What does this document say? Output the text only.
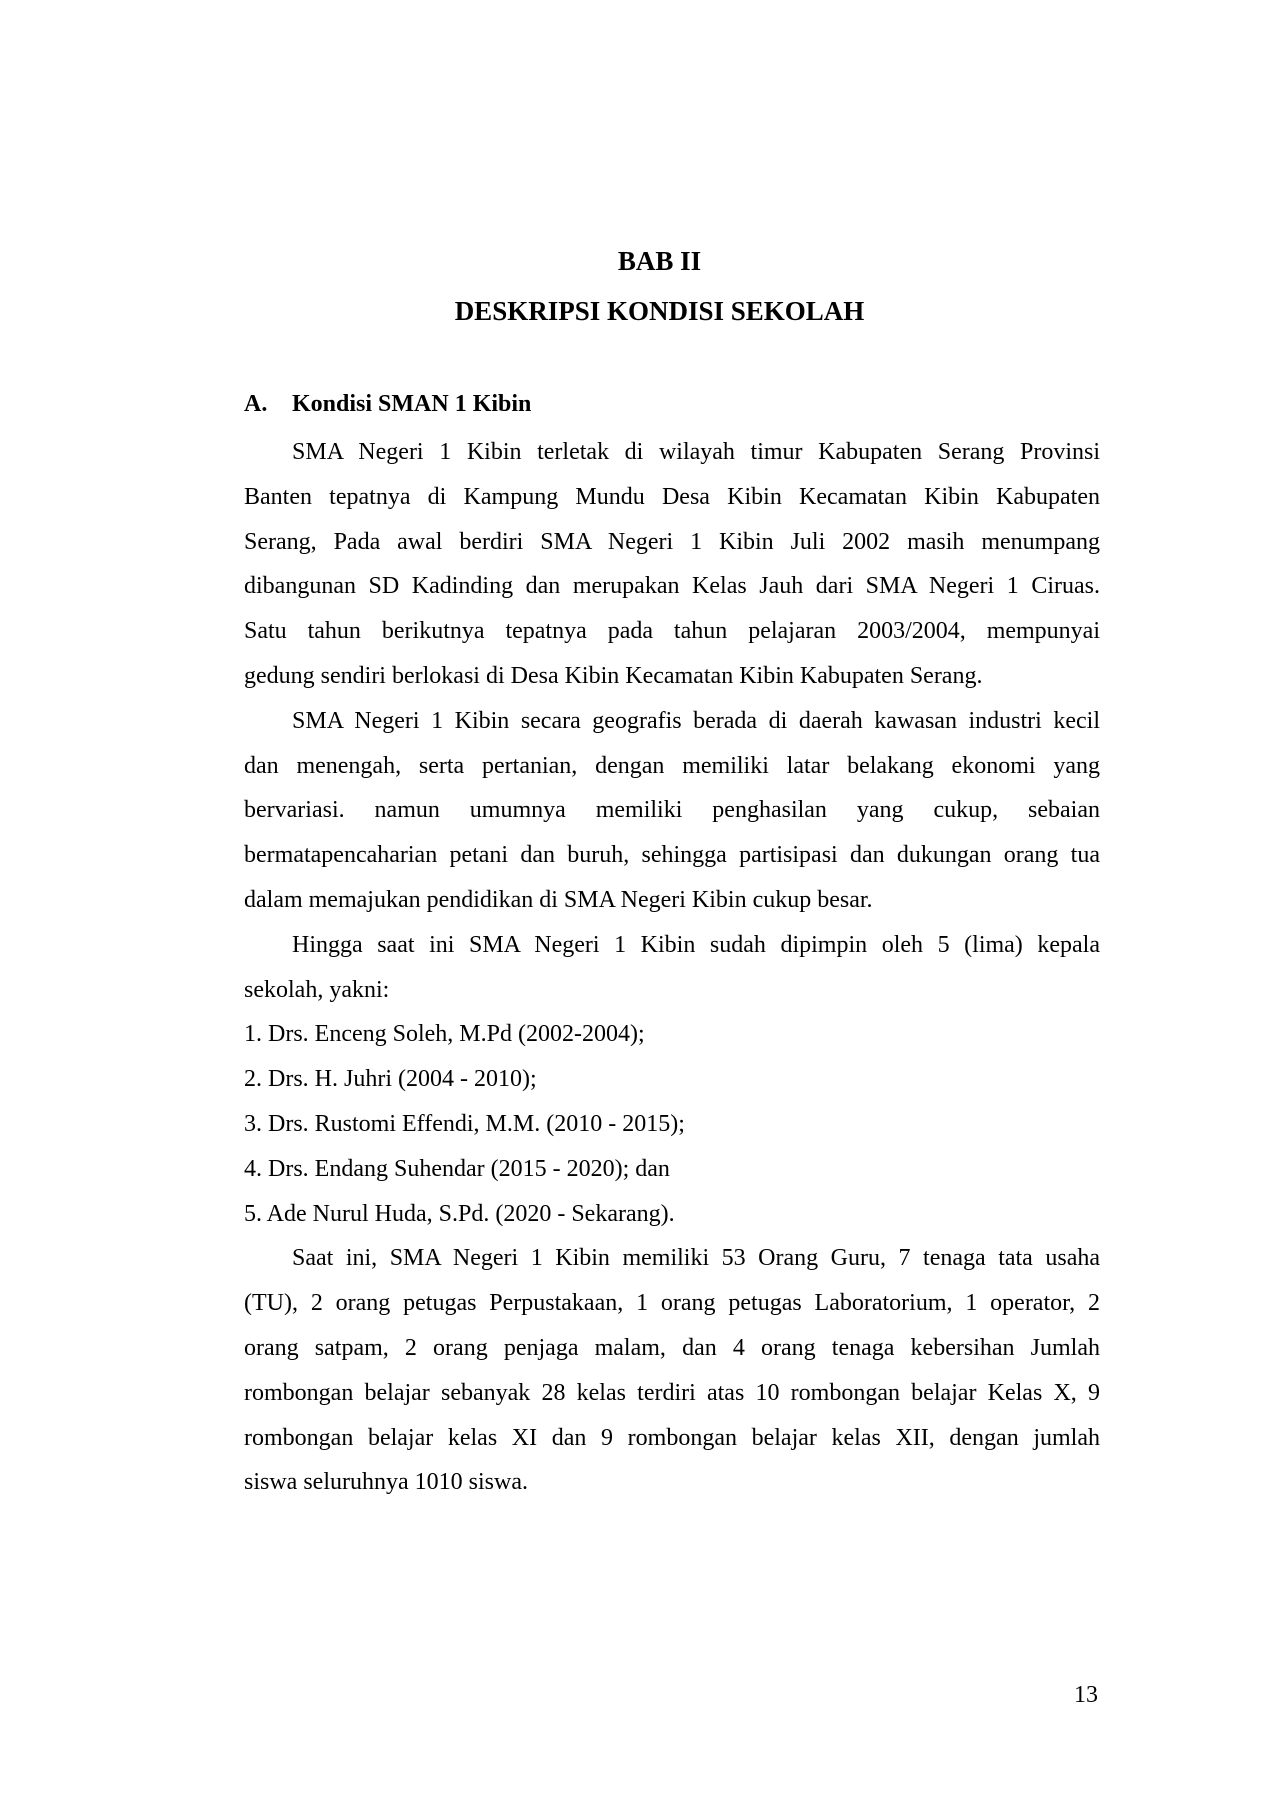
BAB II
DESKRIPSI KONDISI SEKOLAH
A. Kondisi SMAN 1 Kibin
SMA Negeri 1 Kibin terletak di wilayah timur Kabupaten Serang Provinsi
Banten tepatnya di Kampung Mundu Desa Kibin Kecamatan Kibin Kabupaten
Serang, Pada awal berdiri SMA Negeri 1 Kibin Juli 2002 masih menumpang
dibangunan SD Kadinding dan merupakan Kelas Jauh dari SMA Negeri 1 Ciruas.
Satu tahun berikutnya tepatnya pada tahun pelajaran 2003/2004, mempunyai
gedung sendiri berlokasi di Desa Kibin Kecamatan Kibin Kabupaten Serang.
SMA Negeri 1 Kibin secara geografis berada di daerah kawasan industri kecil
dan menengah, serta pertanian, dengan memiliki latar belakang ekonomi yang
bervariasi. namun umumnya memiliki penghasilan yang cukup, sebaian
bermatapencaharian petani dan buruh, sehingga partisipasi dan dukungan orang tua
dalam memajukan pendidikan di SMA Negeri Kibin cukup besar.
Hingga saat ini SMA Negeri 1 Kibin sudah dipimpin oleh 5 (lima) kepala
sekolah, yakni:
1. Drs. Enceng Soleh, M.Pd (2002-2004);
2. Drs. H. Juhri (2004 - 2010);
3. Drs. Rustomi Effendi, M.M. (2010 - 2015);
4. Drs. Endang Suhendar (2015 - 2020); dan
5. Ade Nurul Huda, S.Pd. (2020 - Sekarang).
Saat ini, SMA Negeri 1 Kibin memiliki 53 Orang Guru, 7 tenaga tata usaha
(TU), 2 orang petugas Perpustakaan, 1 orang petugas Laboratorium, 1 operator, 2
orang satpam, 2 orang penjaga malam, dan 4 orang tenaga kebersihan Jumlah
rombongan belajar sebanyak 28 kelas terdiri atas 10 rombongan belajar Kelas X, 9
rombongan belajar kelas XI dan 9 rombongan belajar kelas XII, dengan jumlah
siswa seluruhnya 1010 siswa.
13
